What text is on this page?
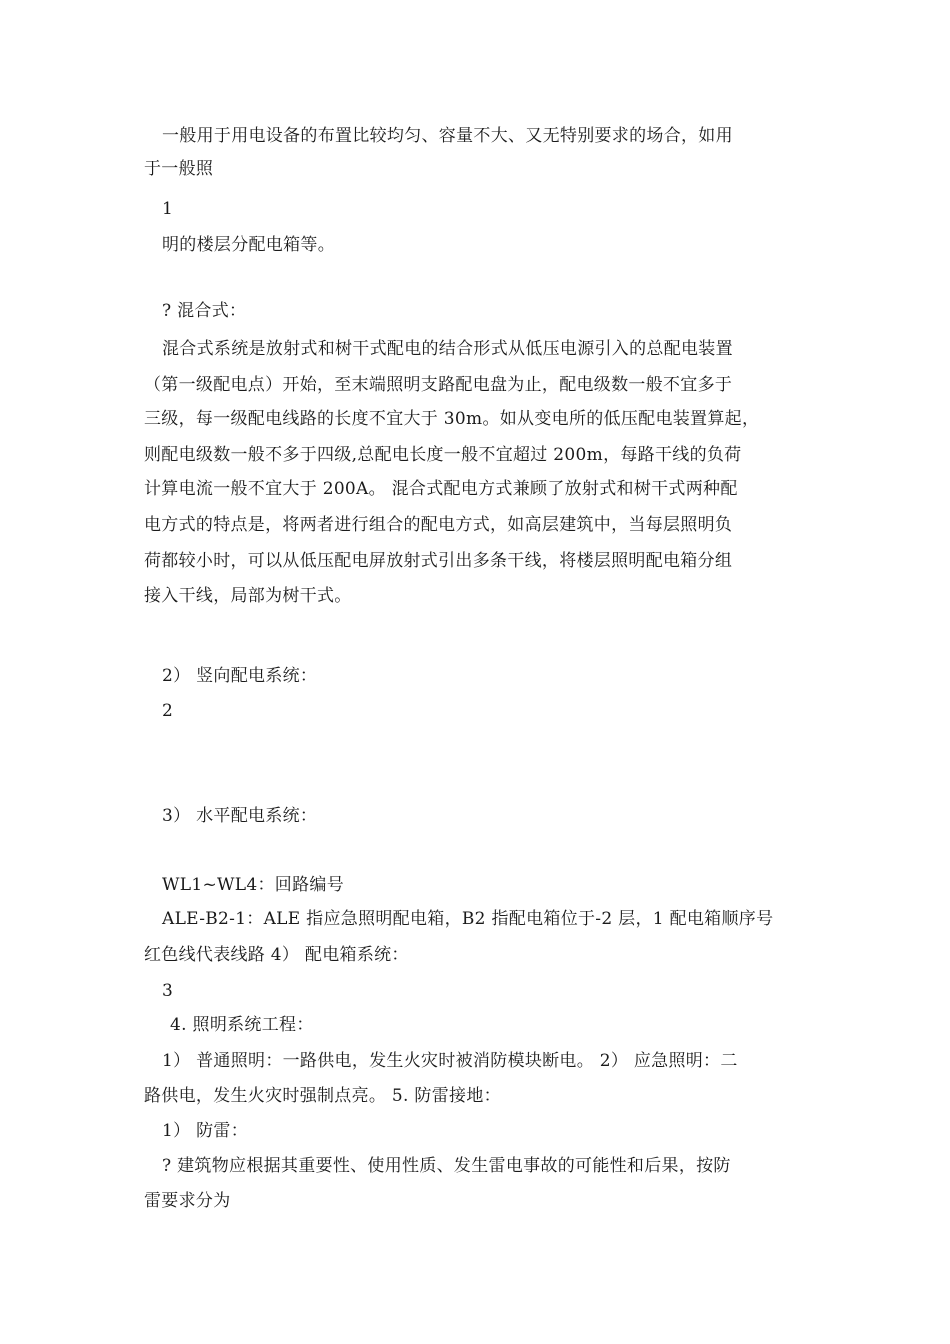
一般用于用电设备的布置比较均匀、容量不大、又无特别要求的场合，如用
于一般照
1
明的楼层分配电箱等。
? 混合式：
混合式系统是放射式和树干式配电的结合形式从低压电源引入的总配电装置
（第一级配电点）开始，至末端照明支路配电盘为止，配电级数一般不宜多于
三级，每一级配电线路的长度不宜大于 30m。如从变电所的低压配电装置算起，
则配电级数一般不多于四级,总配电长度一般不宜超过 200m，每路干线的负荷
计算电流一般不宜大于 200A。 混合式配电方式兼顾了放射式和树干式两种配
电方式的特点是，将两者进行组合的配电方式，如高层建筑中，当每层照明负
荷都较小时，可以从低压配电屏放射式引出多条干线，将楼层照明配电箱分组
接入干线，局部为树干式。
2） 竖向配电系统：
2
3） 水平配电系统：
WL1~WL4：回路编号
ALE-B2-1：ALE 指应急照明配电箱，B2 指配电箱位于-2 层，1 配电箱顺序号
红色线代表线路 4） 配电箱系统：
3
4. 照明系统工程：
1） 普通照明：一路供电，发生火灾时被消防模块断电。 2） 应急照明：二
路供电，发生火灾时强制点亮。 5. 防雷接地：
1） 防雷：
? 建筑物应根据其重要性、使用性质、发生雷电事故的可能性和后果，按防
雷要求分为
